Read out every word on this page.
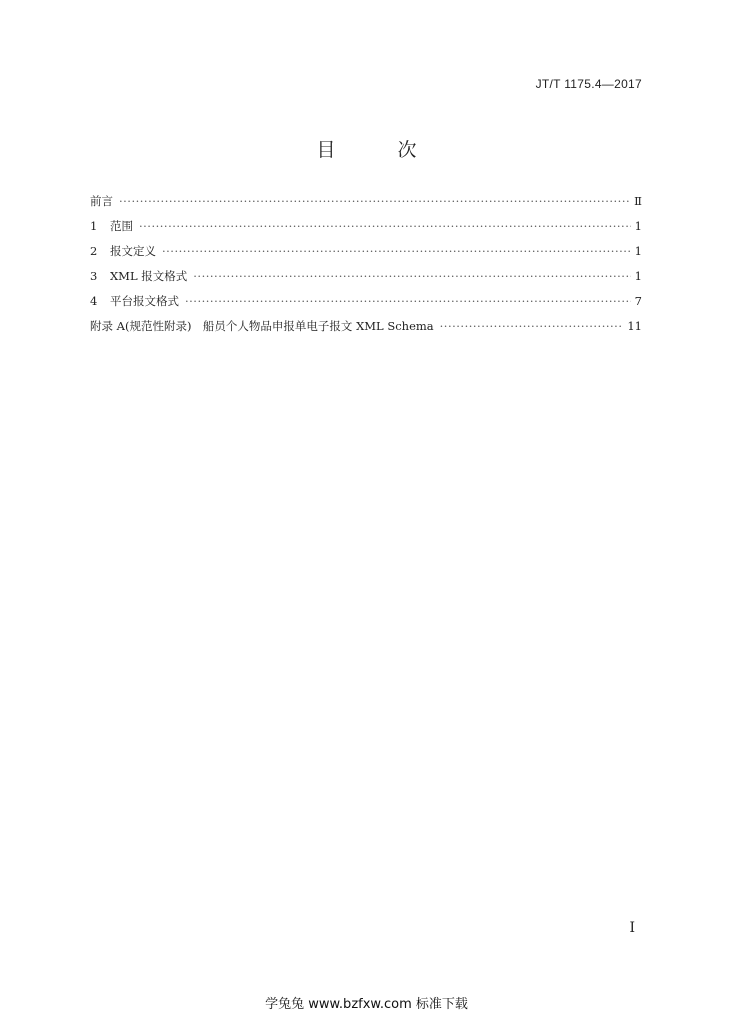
JT/T 1175.4—2017
目 次
前言 ·····	Ⅱ
1	范围 ·····	1
2	报文定义 ·····	1
3	XML 报文格式 ·····	1
4	平台报文格式 ·····	7
附录 A(规范性附录)　船员个人物品申报单电子报文 XML Schema ·····	11
Ⅰ
学兔兔 www.bzfxw.com 标准下载
